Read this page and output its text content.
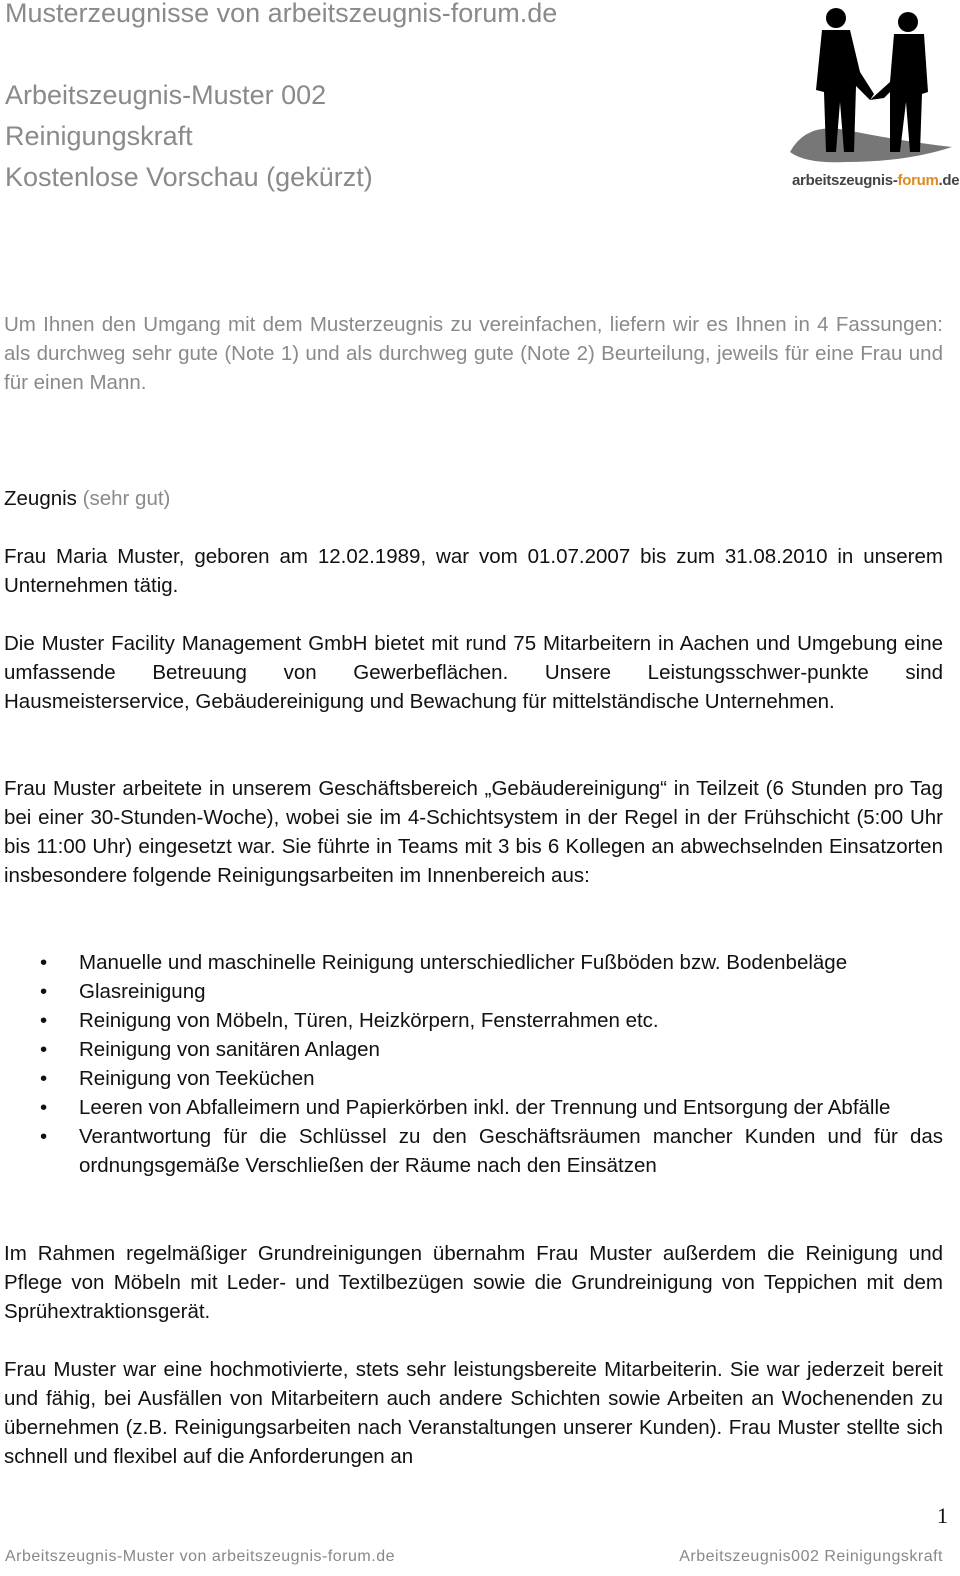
Musterzeugnisse von arbeitszeugnis-forum.de
Arbeitszeugnis-Muster 002
Reinigungskraft
Kostenlose Vorschau (gekürzt)	arbeitszeugnis-forum.de
Um Ihnen den Umgang mit dem Musterzeugnis zu vereinfachen, liefern wir es Ihnen in 4 Fassungen: als durchweg sehr gute (Note 1) und als durchweg gute (Note 2) Beurteilung, jeweils für eine Frau und für einen Mann.
Zeugnis (sehr gut)
Frau Maria Muster, geboren am 12.02.1989, war vom 01.07.2007 bis zum 31.08.2010 in unserem Unternehmen tätig.
Die Muster Facility Management GmbH bietet mit rund 75 Mitarbeitern in Aachen und Umgebung eine umfassende Betreuung von Gewerbeflächen. Unsere Leistungsschwer-punkte sind Hausmeisterservice, Gebäudereinigung und Bewachung für mittelständische Unternehmen.
Frau Muster arbeitete in unserem Geschäftsbereich „Gebäudereinigung“ in Teilzeit (6 Stunden pro Tag bei einer 30-Stunden-Woche), wobei sie im 4-Schichtsystem in der Regel in der Frühschicht (5:00 Uhr bis 11:00 Uhr) eingesetzt war. Sie führte in Teams mit 3 bis 6 Kollegen an abwechselnden Einsatzorten insbesondere folgende Reinigungsarbeiten im Innenbereich aus:
• Manuelle und maschinelle Reinigung unterschiedlicher Fußböden bzw. Bodenbeläge
• Glasreinigung
• Reinigung von Möbeln, Türen, Heizkörpern, Fensterrahmen etc.
• Reinigung von sanitären Anlagen
• Reinigung von Teeküchen
• Leeren von Abfalleimern und Papierkörben inkl. der Trennung und Entsorgung der Abfälle
• Verantwortung für die Schlüssel zu den Geschäftsräumen mancher Kunden und für das ordnungsgemäße Verschließen der Räume nach den Einsätzen
Im Rahmen regelmäßiger Grundreinigungen übernahm Frau Muster außerdem die Reinigung und Pflege von Möbeln mit Leder- und Textilbezügen sowie die Grundreinigung von Teppichen mit dem Sprühextraktionsgerät.
Frau Muster war eine hochmotivierte, stets sehr leistungsbereite Mitarbeiterin. Sie war jederzeit bereit und fähig, bei Ausfällen von Mitarbeitern auch andere Schichten sowie Arbeiten an Wochenenden zu übernehmen (z.B. Reinigungsarbeiten nach Veranstaltungen unserer Kunden). Frau Muster stellte sich schnell und flexibel auf die Anforderungen an
1
Arbeitszeugnis-Muster von arbeitszeugnis-forum.de	Arbeitszeugnis002 Reinigungskraft
